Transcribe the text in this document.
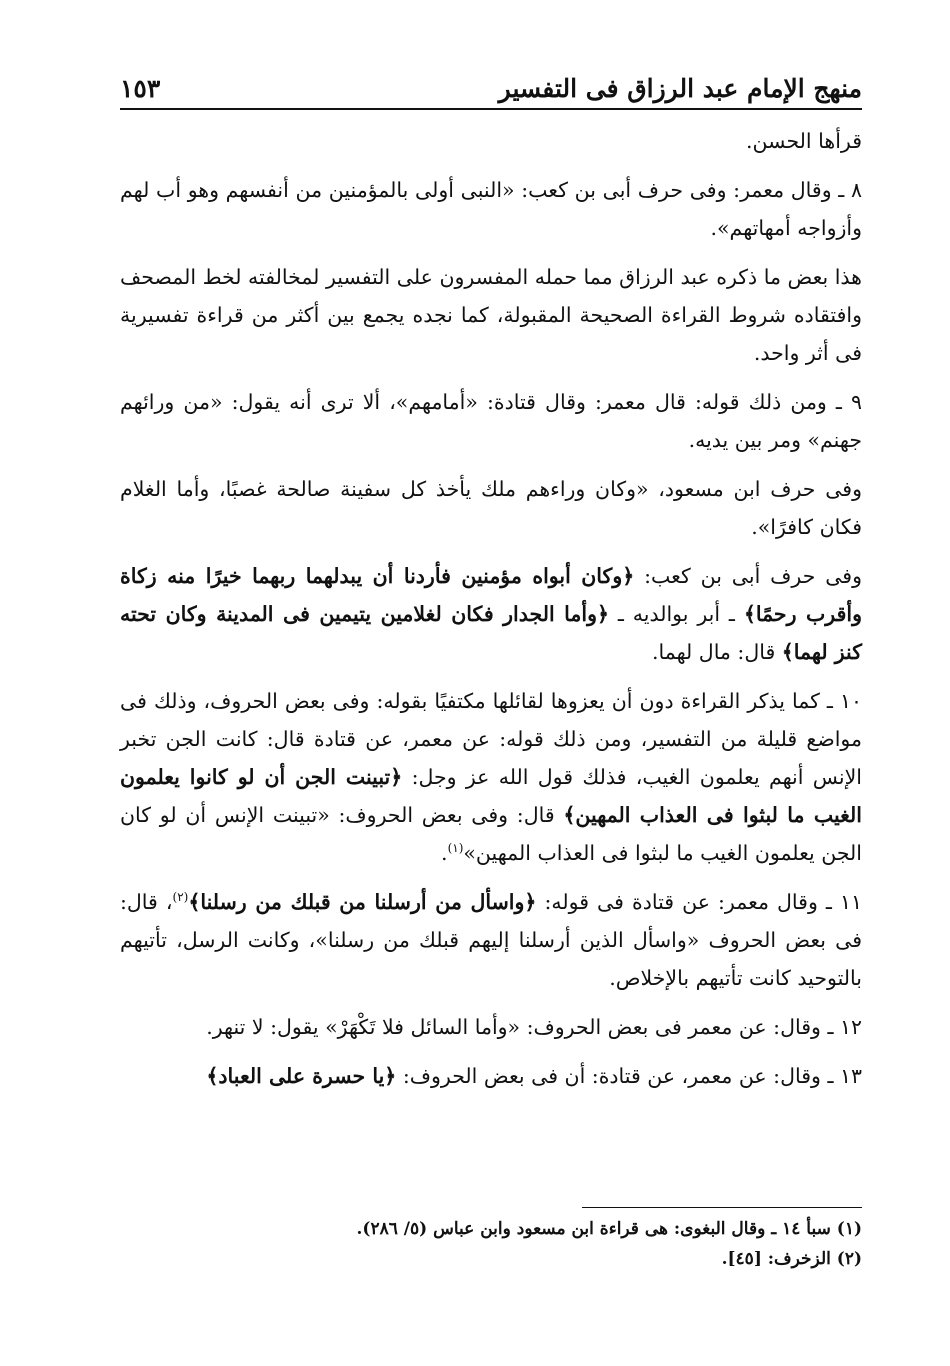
منهج الإمام عبد الرزاق فى التفسير
١٥٣

قرأها الحسن.

٨ ـ وقال معمر: وفى حرف أبى بن كعب: «النبى أولى بالمؤمنين من أنفسهم وهو أب لهم وأزواجه أمهاتهم».

هذا بعض ما ذكره عبد الرزاق مما حمله المفسرون على التفسير لمخالفته لخط المصحف وافتقاده شروط القراءة الصحيحة المقبولة، كما نجده يجمع بين أكثر من قراءة تفسيرية فى أثر واحد.

٩ ـ ومن ذلك قوله: قال معمر: وقال قتادة: «أمامهم»، ألا ترى أنه يقول: «من ورائهم جهنم» ومر بين يديه.

وفى حرف ابن مسعود، «وكان وراءهم ملك يأخذ كل سفينة صالحة غصبًا، وأما الغلام فكان كافرًا».

وفى حرف أبى بن كعب: ﴿وكان أبواه مؤمنين فأردنا أن يبدلهما ربهما خيرًا منه زكاة وأقرب رحمًا﴾ ـ أبر بوالديه ـ ﴿وأما الجدار فكان لغلامين يتيمين فى المدينة وكان تحته كنز لهما﴾ قال: مال لهما.

١٠ ـ كما يذكر القراءة دون أن يعزوها لقائلها مكتفيًا بقوله: وفى بعض الحروف، وذلك فى مواضع قليلة من التفسير، ومن ذلك قوله: عن معمر، عن قتادة قال: كانت الجن تخبر الإنس أنهم يعلمون الغيب، فذلك قول الله عز وجل: ﴿تبينت الجن أن لو كانوا يعلمون الغيب ما لبثوا فى العذاب المهين﴾ قال: وفى بعض الحروف: «تبينت الإنس أن لو كان الجن يعلمون الغيب ما لبثوا فى العذاب المهين»$^{(١)}$.

١١ ـ وقال معمر: عن قتادة فى قوله: ﴿واسأل من أرسلنا من قبلك من رسلنا﴾$^{(٢)}$، قال: فى بعض الحروف «واسأل الذين أرسلنا إليهم قبلك من رسلنا»، وكانت الرسل، تأتيهم بالتوحيد كانت تأتيهم بالإخلاص.

١٢ ـ وقال: عن معمر فى بعض الحروف: «وأما السائل فلا تَكْهَرْ» يقول: لا تنهر.

١٣ ـ وقال: عن معمر، عن قتادة: أن فى بعض الحروف: ﴿يا حسرة على العباد﴾

(١) سبأ ١٤ ـ وقال البغوى: هى قراءة ابن مسعود وابن عباس (٥/ ٢٨٦).

(٢) الزخرف: [٤٥].
